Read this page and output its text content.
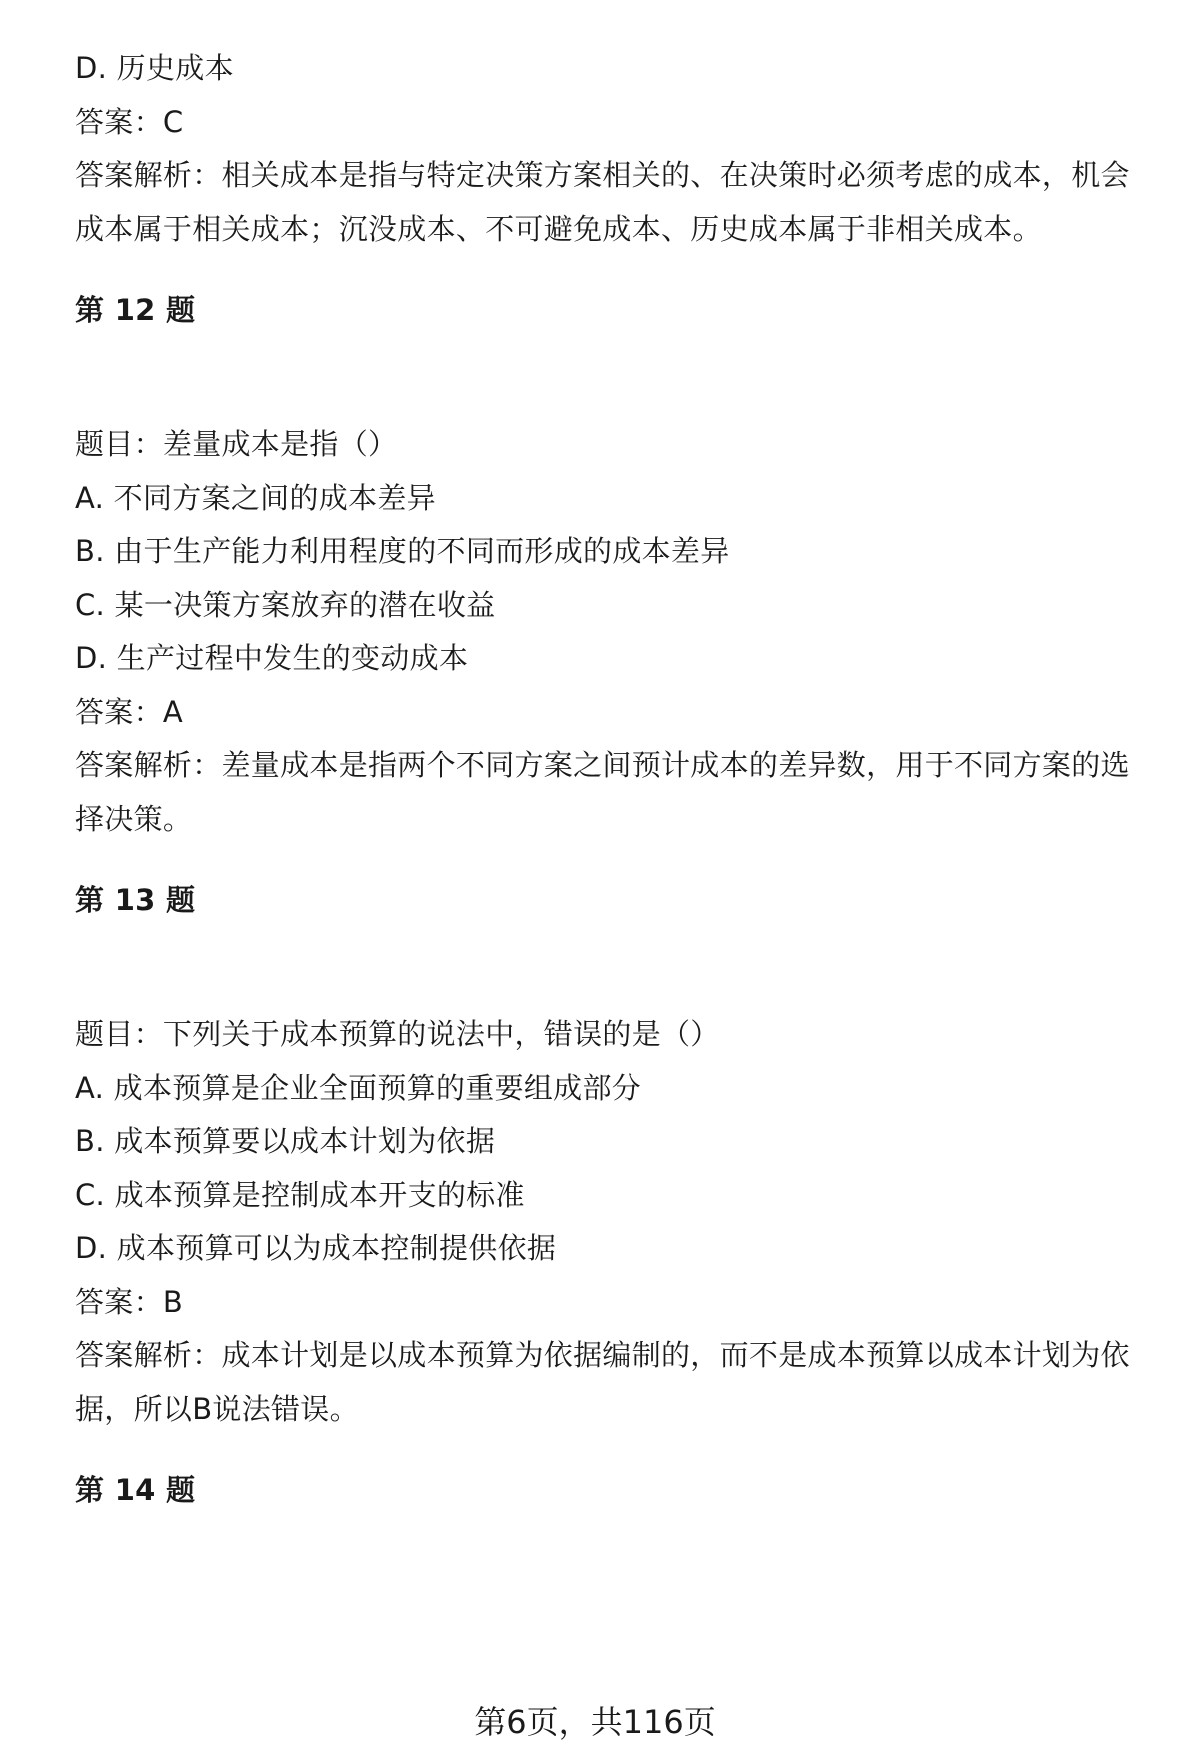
D. 历史成本
答案：C
答案解析：相关成本是指与特定决策方案相关的、在决策时必须考虑的成本，机会
成本属于相关成本；沉没成本、不可避免成本、历史成本属于非相关成本。
第 12 题
题目：差量成本是指（）
A. 不同方案之间的成本差异
B. 由于生产能力利用程度的不同而形成的成本差异
C. 某一决策方案放弃的潜在收益
D. 生产过程中发生的变动成本
答案：A
答案解析：差量成本是指两个不同方案之间预计成本的差异数，用于不同方案的选
择决策。
第 13 题
题目：下列关于成本预算的说法中，错误的是（）
A. 成本预算是企业全面预算的重要组成部分
B. 成本预算要以成本计划为依据
C. 成本预算是控制成本开支的标准
D. 成本预算可以为成本控制提供依据
答案：B
答案解析：成本计划是以成本预算为依据编制的，而不是成本预算以成本计划为依
据，所以B说法错误。
第 14 题
第6页，共116页
